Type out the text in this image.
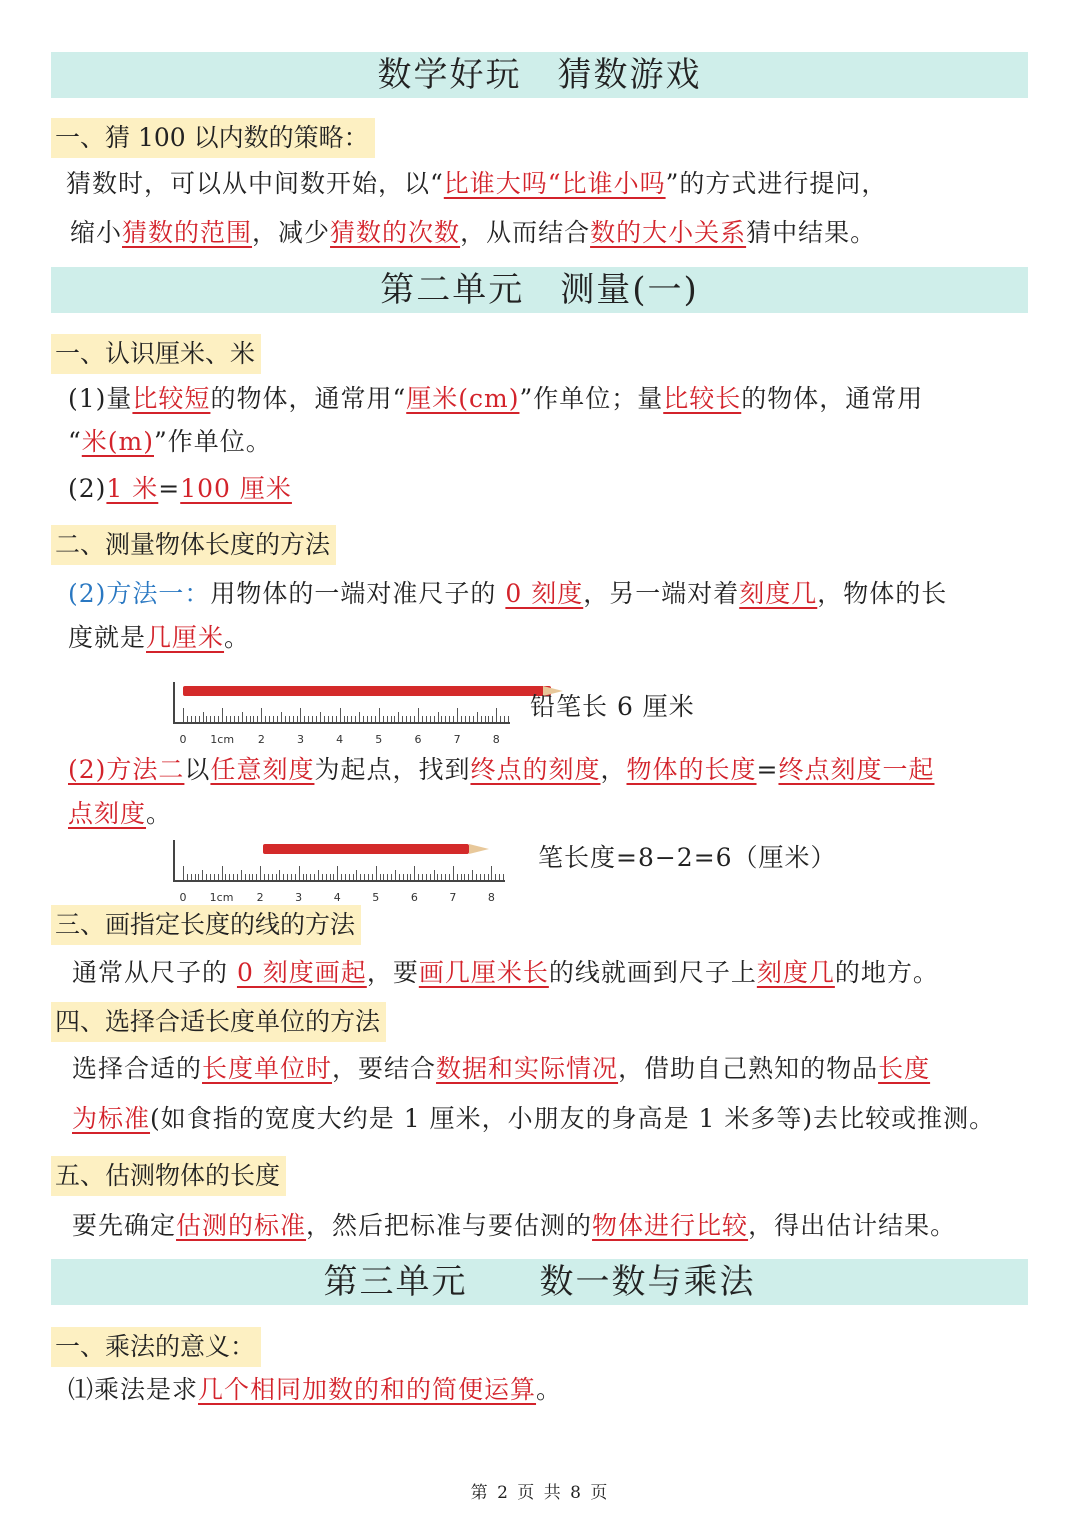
数学好玩　猜数游戏
一、猜 100 以内数的策略：
猜数时，可以从中间数开始，以“比谁大吗“比谁小吗”的方式进行提问，
缩小猜数的范围，减少猜数的次数，从而结合数的大小关系猜中结果。
第二单元　测量(一)
一、认识厘米、米
(1)量比较短的物体，通常用“厘米(cm)”作单位；量比较长的物体，通常用
“米(m)”作单位。
(2)1 米=100 厘米
二、测量物体长度的方法
(2)方法一：用物体的一端对准尺子的 0 刻度，另一端对着刻度几，物体的长
度就是几厘米。
0 1cm 2	3	4	5	6	7	8
铅笔长 6 厘米
(2)方法二以任意刻度为起点，找到终点的刻度，物体的长度=终点刻度一起
点刻度。
0 1cm 2	3	4	5	6	7	8
笔长度=8−2=6（厘米）
三、画指定长度的线的方法
通常从尺子的 0 刻度画起，要画几厘米长的线就画到尺子上刻度几的地方。
四、选择合适长度单位的方法
选择合适的长度单位时，要结合数据和实际情况，借助自己熟知的物品长度
为标准(如食指的宽度大约是 1 厘米，小朋友的身高是 1 米多等)去比较或推测。
五、估测物体的长度
要先确定估测的标准，然后把标准与要估测的物体进行比较，得出估计结果。
第三单元　　数一数与乘法
一、乘法的意义：
⑴乘法是求几个相同加数的和的简便运算。
第 2 页 共 8 页
